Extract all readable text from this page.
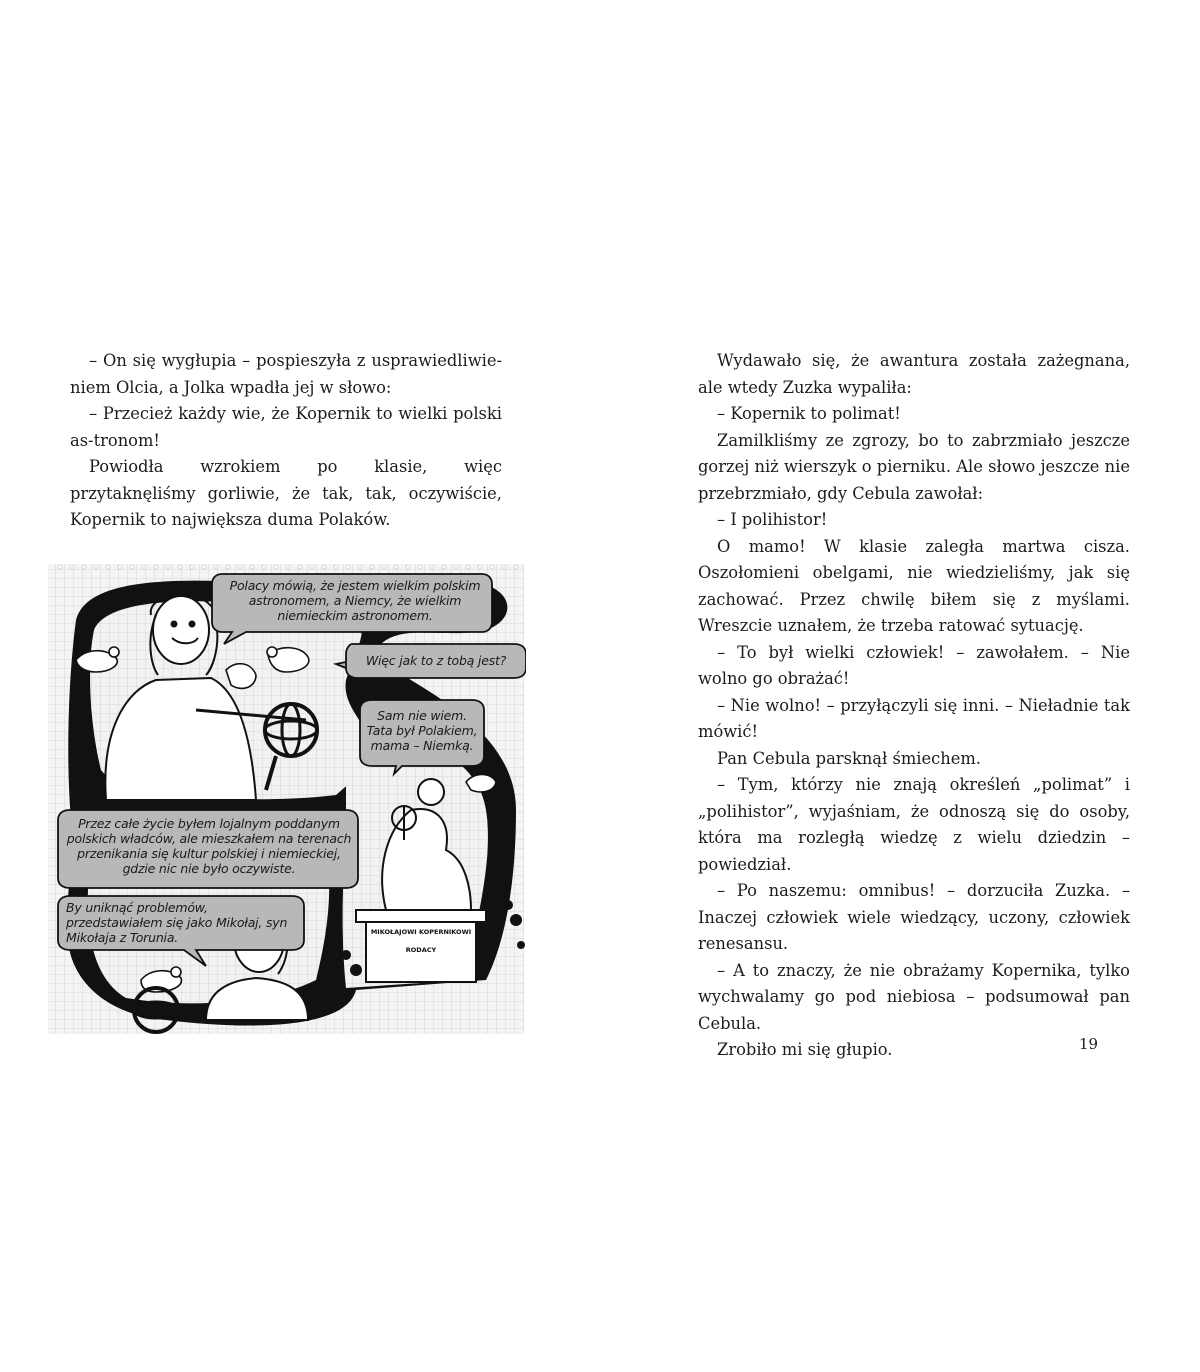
– On się wygłupia – pospieszyła z usprawiedliwie-niem Olcia, a Jolka wpadła jej w słowo:

– Przecież każdy wie, że Kopernik to wielki polski as-tronom!

Powiodła wzrokiem po klasie, więc przytaknęliśmy gorliwie, że tak, tak, oczywiście, Kopernik to największa duma Polaków.

Polacy mówią, że jestem wielkim polskim astronomem, a Niemcy, że wielkim niemieckim astronomem.
Więc jak to z tobą jest?
Sam nie wiem. Tata był Polakiem, mama – Niemką.
Przez całe życie byłem lojalnym poddanym polskich władców, ale mieszkałem na terenach przenikania się kultur polskiej i niemieckiej, gdzie nic nie było oczywiste.
By uniknąć problemów, przedstawiałem się jako Mikołaj, syn Mikołaja z Torunia.	MIKOŁAJOWI KOPERNIKOWI
RODACY

Wydawało się, że awantura została zażegnana, ale wtedy Zuzka wypaliła:

– Kopernik to polimat!

Zamilkliśmy ze zgrozy, bo to zabrzmiało jeszcze gorzej niż wierszyk o pierniku. Ale słowo jeszcze nie przebrzmiało, gdy Cebula zawołał:

– I polihistor!

O mamo! W klasie zaległa martwa cisza. Oszołomieni obelgami, nie wiedzieliśmy, jak się zachować. Przez chwilę biłem się z myślami. Wreszcie uznałem, że trzeba ratować sytuację.

– To był wielki człowiek! – zawołałem. – Nie wolno go obrażać!

– Nie wolno! – przyłączyli się inni. – Nieładnie tak mówić!

Pan Cebula parsknął śmiechem.

– Tym, którzy nie znają określeń „polimat” i „polihistor”, wyjaśniam, że odnoszą się do osoby, która ma rozległą wiedzę z wielu dziedzin – powiedział.

– Po naszemu: omnibus! – dorzuciła Zuzka. – Inaczej człowiek wiele wiedzący, uczony, człowiek renesansu.

– A to znaczy, że nie obrażamy Kopernika, tylko wychwalamy go pod niebiosa – podsumował pan Cebula.

Zrobiło mi się głupio.	19
